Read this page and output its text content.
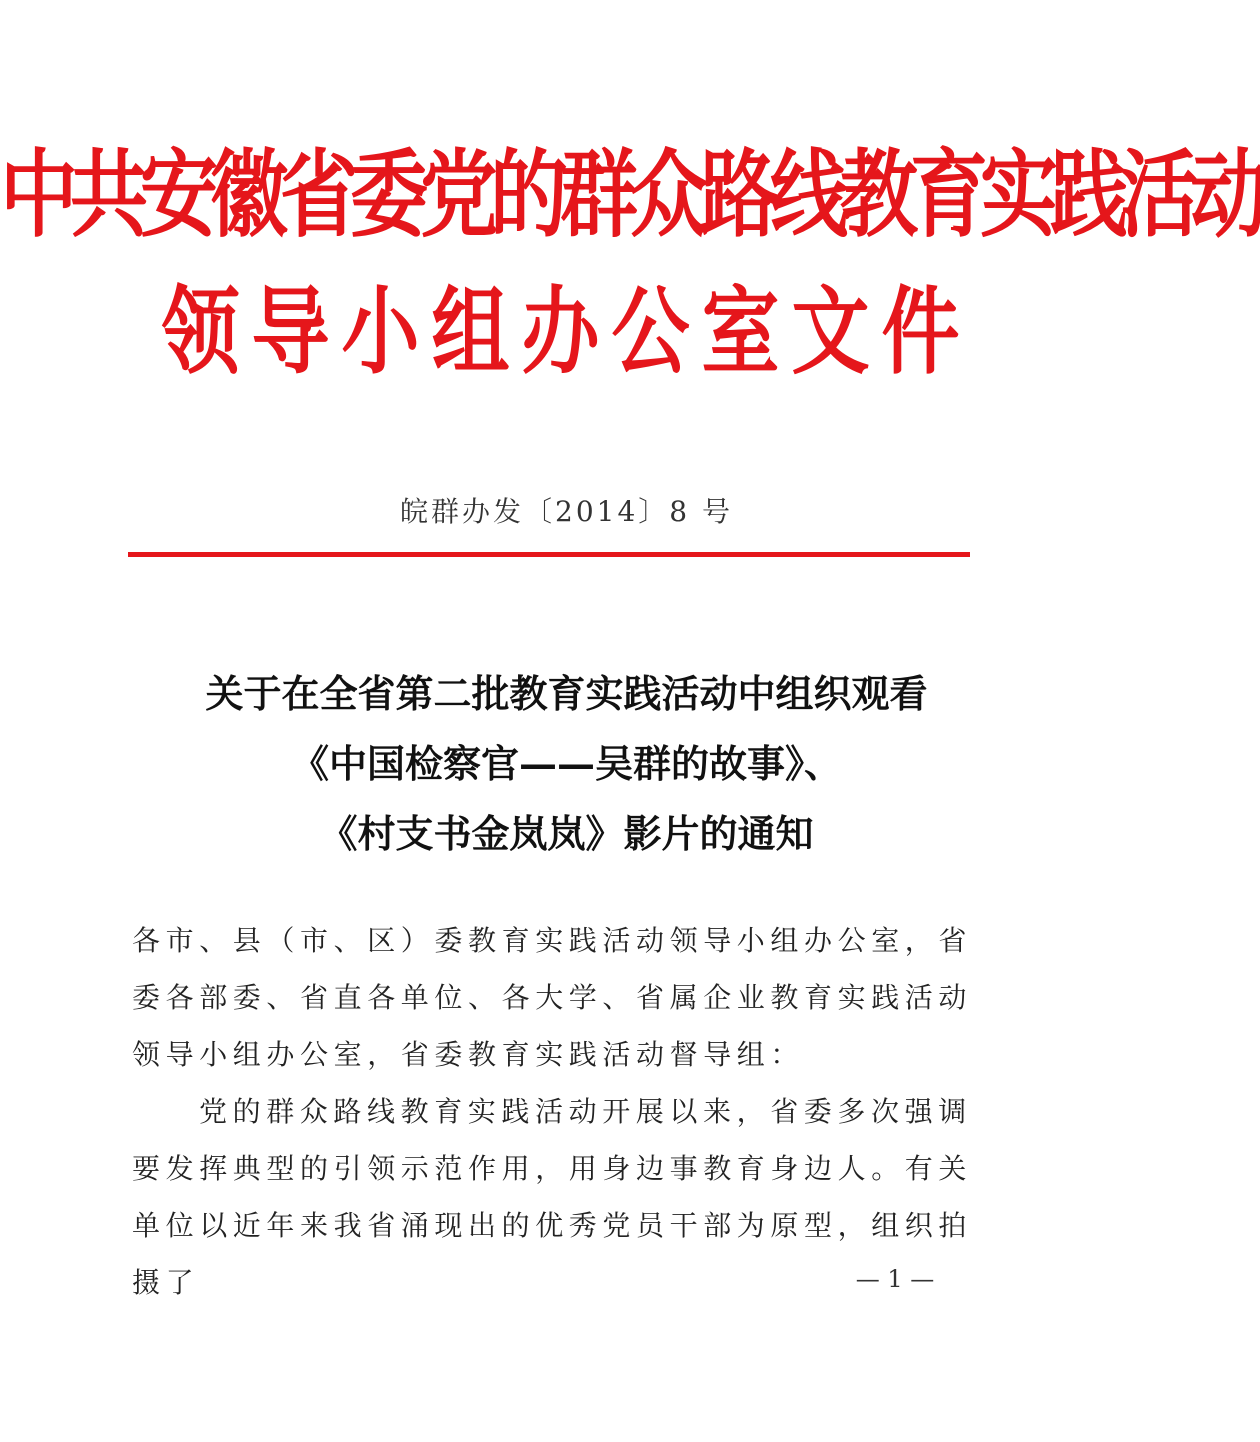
中共安徽省委党的群众路线教育实践活动
领导小组办公室文件
皖群办发〔2014〕8 号
关于在全省第二批教育实践活动中组织观看
《中国检察官——吴群的故事》、
《村支书金岚岚》影片的通知

各市、县（市、区）委教育实践活动领导小组办公室，省委各部委、省直各单位、各大学、省属企业教育实践活动领导小组办公室，省委教育实践活动督导组：

党的群众路线教育实践活动开展以来，省委多次强调要发挥典型的引领示范作用，用身边事教育身边人。有关单位以近年来我省涌现出的优秀党员干部为原型，组织拍摄了	— 1 —
